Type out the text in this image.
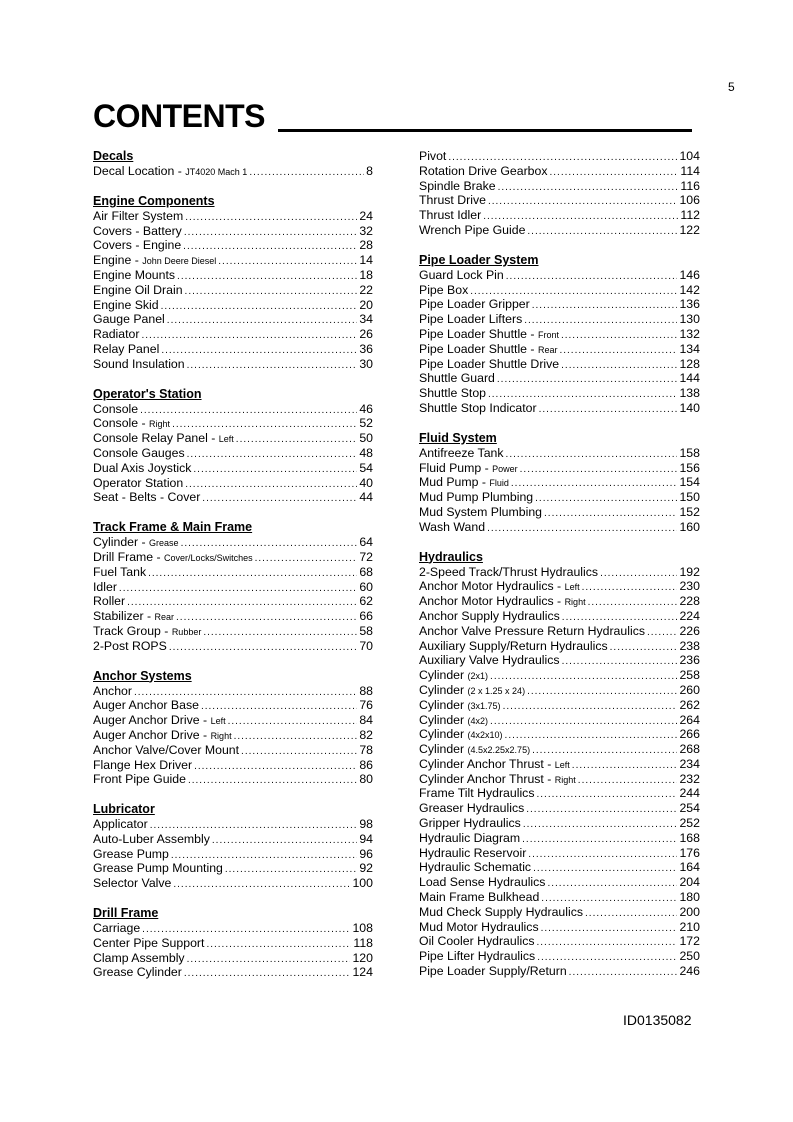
5
CONTENTS
Decals
Decal Location - JT4020 Mach 1 .....	8
Engine Components
Air Filter System .....	24
Covers - Battery .....	32
Covers - Engine .....	28
Engine - John Deere Diesel .....	14
Engine Mounts .....	18
Engine Oil Drain .....	22
Engine Skid .....	20
Gauge Panel .....	34
Radiator .....	26
Relay Panel .....	36
Sound Insulation .....	30
Operator's Station
Console .....	46
Console - Right .....	52
Console Relay Panel - Left .....	50
Console Gauges .....	48
Dual Axis Joystick .....	54
Operator Station .....	40
Seat - Belts - Cover .....	44
Track Frame & Main Frame
Cylinder - Grease .....	64
Drill Frame - Cover/Locks/Switches .....	72
Fuel Tank .....	68
Idler .....	60
Roller .....	62
Stabilizer - Rear .....	66
Track Group - Rubber .....	58
2-Post ROPS .....	70
Anchor Systems
Anchor .....	88
Auger Anchor Base .....	76
Auger Anchor Drive - Left .....	84
Auger Anchor Drive - Right .....	82
Anchor Valve/Cover Mount .....	78
Flange Hex Driver .....	86
Front Pipe Guide .....	80
Lubricator
Applicator .....	98
Auto-Luber Assembly .....	94
Grease Pump .....	96
Grease Pump Mounting .....	92
Selector Valve .....	100
Drill Frame
Carriage .....	108
Center Pipe Support .....	118
Clamp Assembly .....	120
Grease Cylinder .....	124
Pivot .....	104
Rotation Drive Gearbox .....	114
Spindle Brake .....	116
Thrust Drive .....	106
Thrust Idler .....	112
Wrench Pipe Guide .....	122
Pipe Loader System
Guard Lock Pin .....	146
Pipe Box .....	142
Pipe Loader Gripper .....	136
Pipe Loader Lifters .....	130
Pipe Loader Shuttle - Front .....	132
Pipe Loader Shuttle - Rear .....	134
Pipe Loader Shuttle Drive .....	128
Shuttle Guard .....	144
Shuttle Stop .....	138
Shuttle Stop Indicator .....	140
Fluid System
Antifreeze Tank .....	158
Fluid Pump - Power .....	156
Mud Pump - Fluid .....	154
Mud Pump Plumbing .....	150
Mud System Plumbing .....	152
Wash Wand .....	160
Hydraulics
2-Speed Track/Thrust Hydraulics .....	192
Anchor Motor Hydraulics - Left .....	230
Anchor Motor Hydraulics - Right .....	228
Anchor Supply Hydraulics .....	224
Anchor Valve Pressure Return Hydraulics .....	226
Auxiliary Supply/Return Hydraulics .....	238
Auxiliary Valve Hydraulics .....	236
Cylinder (2x1) .....	258
Cylinder (2 x 1.25 x 24) .....	260
Cylinder (3x1.75) .....	262
Cylinder (4x2) .....	264
Cylinder (4x2x10) .....	266
Cylinder (4.5x2.25x2.75) .....	268
Cylinder Anchor Thrust - Left .....	234
Cylinder Anchor Thrust - Right .....	232
Frame Tilt Hydraulics .....	244
Greaser Hydraulics .....	254
Gripper Hydraulics .....	252
Hydraulic Diagram .....	168
Hydraulic Reservoir .....	176
Hydraulic Schematic .....	164
Load Sense Hydraulics .....	204
Main Frame Bulkhead .....	180
Mud Check Supply Hydraulics .....	200
Mud Motor Hydraulics .....	210
Oil Cooler Hydraulics .....	172
Pipe Lifter Hydraulics .....	250
Pipe Loader Supply/Return .....	246
ID0135082
